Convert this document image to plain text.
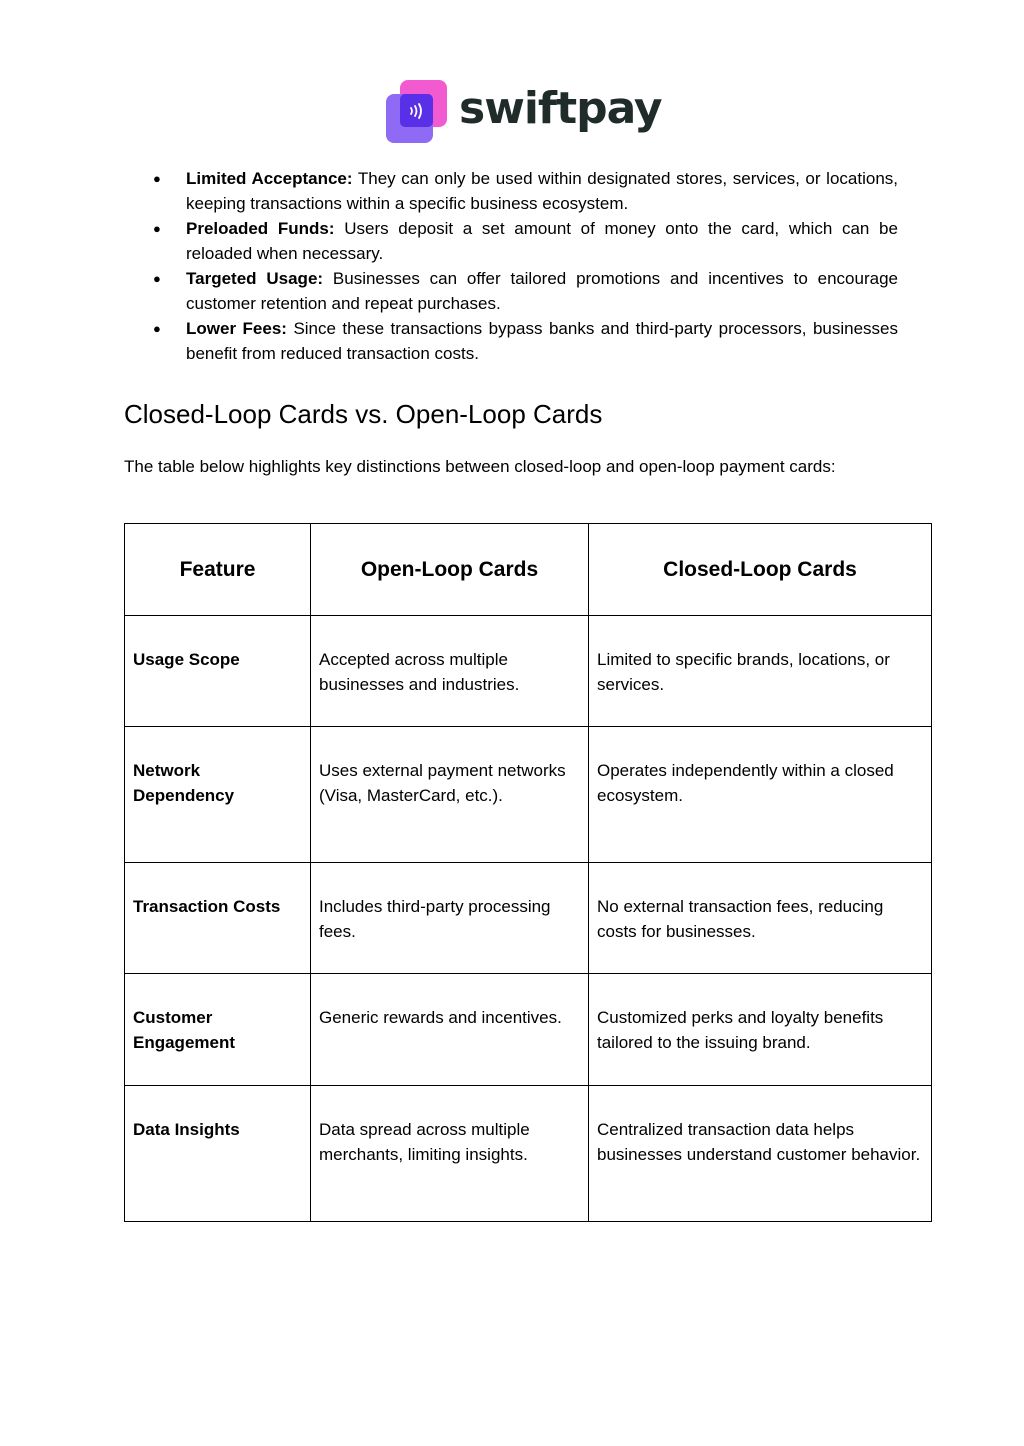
swiftpay
● Limited Acceptance: They can only be used within designated stores, services, or locations, keeping transactions within a specific business ecosystem.
● Preloaded Funds: Users deposit a set amount of money onto the card, which can be reloaded when necessary.
● Targeted Usage: Businesses can offer tailored promotions and incentives to encourage customer retention and repeat purchases.
● Lower Fees: Since these transactions bypass banks and third-party processors, businesses benefit from reduced transaction costs.
Closed-Loop Cards vs. Open-Loop Cards

The table below highlights key distinctions between closed-loop and open-loop payment cards:

Feature	Open-Loop Cards	Closed-Loop Cards
Usage Scope	Accepted across multiple businesses and industries.	Limited to specific brands, locations, or services.
Network Dependency	Uses external payment networks (Visa, MasterCard, etc.).	Operates independently within a closed ecosystem.
Transaction Costs	Includes third-party processing fees.	No external transaction fees, reducing costs for businesses.
Customer Engagement	Generic rewards and incentives.	Customized perks and loyalty benefits tailored to the issuing brand.
Data Insights	Data spread across multiple merchants, limiting insights.	Centralized transaction data helps businesses understand customer behavior.
